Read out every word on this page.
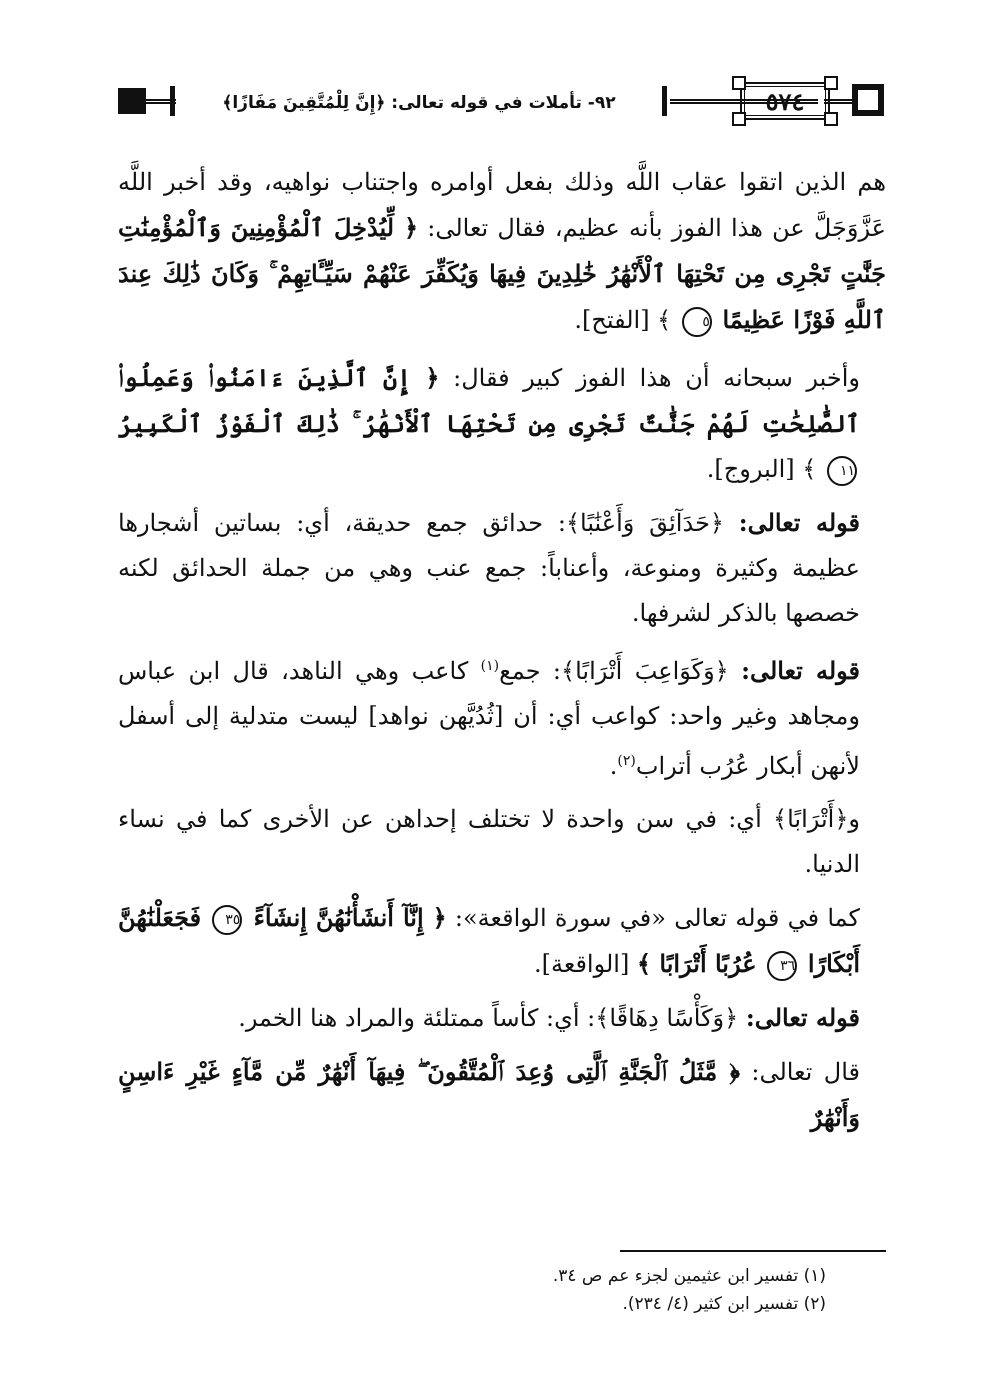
٩٢- تأملات في قوله تعالى: ﴿إِنَّ لِلْمُتَّقِينَ مَفَازًا﴾	٥٧٤

هم الذين اتقوا عقاب اللَّه وذلك بفعل أوامره واجتناب نواهيه، وقد أخبر اللَّه عَزَّوَجَلَّ عن هذا الفوز بأنه عظيم، فقال تعالى: ﴿ لِّيُدْخِلَ ٱلْمُؤْمِنِينَ وَٱلْمُؤْمِنَٰتِ جَنَّٰتٍ تَجْرِى مِن تَحْتِهَا ٱلْأَنْهَٰرُ خَٰلِدِينَ فِيهَا وَيُكَفِّرَ عَنْهُمْ سَيِّـَٔاتِهِمْ ۚ وَكَانَ ذَٰلِكَ عِندَ ٱللَّهِ فَوْزًا عَظِيمًا ٥ ﴾ [الفتح].

وأخبر سبحانه أن هذا الفوز كبير فقال: ﴿ إِنَّ ٱلَّذِينَ ءَامَنُوا۟ وَعَمِلُوا۟ ٱلصَّٰلِحَٰتِ لَهُمْ جَنَّٰتٌ تَجْرِى مِن تَحْتِهَا ٱلْأَنْهَٰرُ ۚ ذَٰلِكَ ٱلْفَوْزُ ٱلْكَبِيرُ ١١ ﴾ [البروج].

قوله تعالى: ﴿حَدَآئِقَ وَأَعْنَٰبًا﴾: حدائق جمع حديقة، أي: بساتين أشجارها عظيمة وكثيرة ومنوعة، وأعناباً: جمع عنب وهي من جملة الحدائق لكنه خصصها بالذكر لشرفها.

قوله تعالى: ﴿وَكَوَاعِبَ أَتْرَابًا﴾: جمع$^{(١)}$ كاعب وهي الناهد، قال ابن عباس ومجاهد وغير واحد: كواعب أي: أن [ثُدُيَّهن نواهد] ليست متدلية إلى أسفل لأنهن أبكار عُرُب أتراب$^{(٢)}$.

و﴿أَتْرَابًا﴾ أي: في سن واحدة لا تختلف إحداهن عن الأخرى كما في نساء الدنيا.

كما في قوله تعالى «في سورة الواقعة»: ﴿ إِنَّآ أَنشَأْنَٰهُنَّ إِنشَآءً ٣٥ فَجَعَلْنَٰهُنَّ أَبْكَارًا ٣٦ عُرُبًا أَتْرَابًا ﴾ [الواقعة].

قوله تعالى: ﴿وَكَأْسًا دِهَاقًا﴾: أي: كأساً ممتلئة والمراد هنا الخمر.

قال تعالى: ﴿ مَّثَلُ ٱلْجَنَّةِ ٱلَّتِى وُعِدَ ٱلْمُتَّقُونَ ۖ فِيهَآ أَنْهَٰرٌ مِّن مَّآءٍ غَيْرِ ءَاسِنٍ وَأَنْهَٰرٌ

(١) تفسير ابن عثيمين لجزء عم ص ٣٤.
(٢) تفسير ابن كثير (٤/ ٢٣٤).
